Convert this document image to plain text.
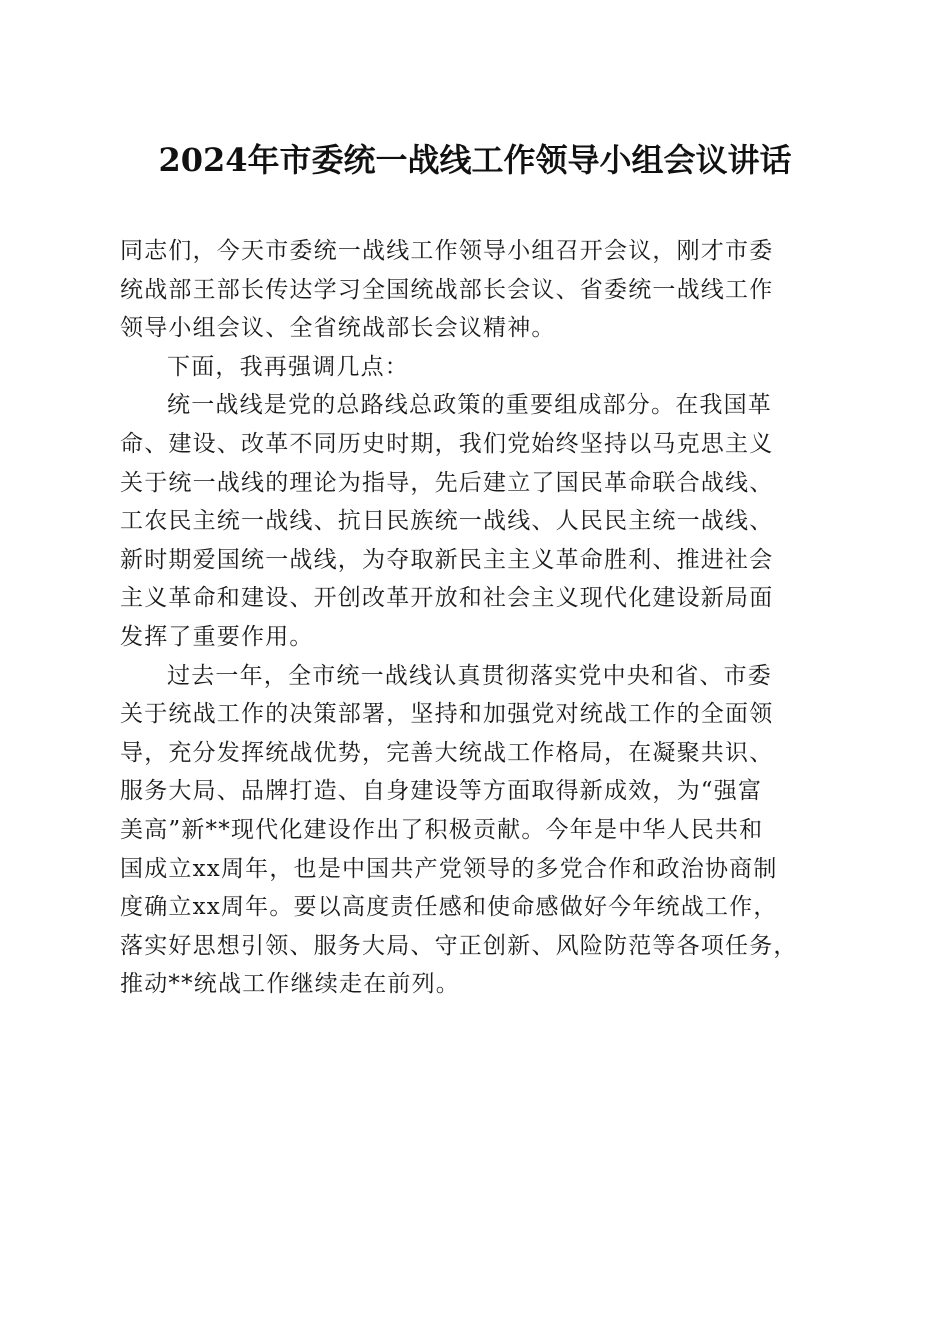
2024年市委统一战线工作领导小组会议讲话

同志们，今天市委统一战线工作领导小组召开会议，刚才市委
统战部王部长传达学习全国统战部长会议、省委统一战线工作
领导小组会议、全省统战部长会议精神。

下面，我再强调几点：

统一战线是党的总路线总政策的重要组成部分。在我国革
命、建设、改革不同历史时期，我们党始终坚持以马克思主义
关于统一战线的理论为指导，先后建立了国民革命联合战线、
工农民主统一战线、抗日民族统一战线、人民民主统一战线、
新时期爱国统一战线，为夺取新民主主义革命胜利、推进社会
主义革命和建设、开创改革开放和社会主义现代化建设新局面
发挥了重要作用。

过去一年，全市统一战线认真贯彻落实党中央和省、市委
关于统战工作的决策部署，坚持和加强党对统战工作的全面领
导，充分发挥统战优势，完善大统战工作格局，在凝聚共识、
服务大局、品牌打造、自身建设等方面取得新成效，为“强富
美高”新**现代化建设作出了积极贡献。今年是中华人民共和
国成立xx周年，也是中国共产党领导的多党合作和政治协商制
度确立xx周年。要以高度责任感和使命感做好今年统战工作，
落实好思想引领、服务大局、守正创新、风险防范等各项任务，
推动**统战工作继续走在前列。
